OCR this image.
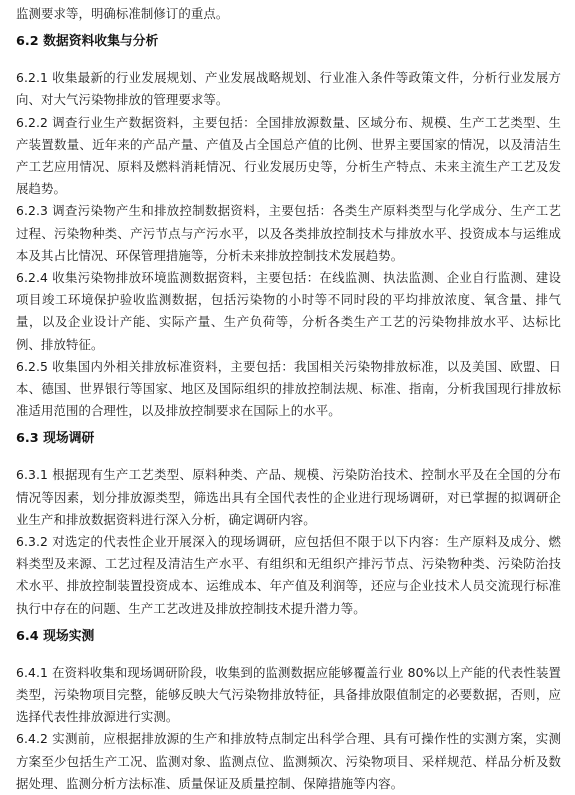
监测要求等，明确标准制修订的重点。

6.2 数据资料收集与分析

6.2.1 收集最新的行业发展规划、产业发展战略规划、行业准入条件等政策文件，分析行业发展方向、对大气污染物排放的管理要求等。

6.2.2 调查行业生产数据资料，主要包括：全国排放源数量、区域分布、规模、生产工艺类型、生产装置数量、近年来的产品产量、产值及占全国总产值的比例、世界主要国家的情况，以及清洁生产工艺应用情况、原料及燃料消耗情况、行业发展历史等，分析生产特点、未来主流生产工艺及发展趋势。

6.2.3 调查污染物产生和排放控制数据资料，主要包括：各类生产原料类型与化学成分、生产工艺过程、污染物种类、产污节点与产污水平，以及各类排放控制技术与排放水平、投资成本与运维成本及其占比情况、环保管理措施等，分析未来排放控制技术发展趋势。

6.2.4 收集污染物排放环境监测数据资料，主要包括：在线监测、执法监测、企业自行监测、建设项目竣工环境保护验收监测数据，包括污染物的小时等不同时段的平均排放浓度、氧含量、排气量，以及企业设计产能、实际产量、生产负荷等，分析各类生产工艺的污染物排放水平、达标比例、排放特征。

6.2.5 收集国内外相关排放标准资料，主要包括：我国相关污染物排放标准，以及美国、欧盟、日本、德国、世界银行等国家、地区及国际组织的排放控制法规、标准、指南，分析我国现行排放标准适用范围的合理性，以及排放控制要求在国际上的水平。

6.3 现场调研

6.3.1 根据现有生产工艺类型、原料种类、产品、规模、污染防治技术、控制水平及在全国的分布情况等因素，划分排放源类型，筛选出具有全国代表性的企业进行现场调研，对已掌握的拟调研企业生产和排放数据资料进行深入分析，确定调研内容。

6.3.2 对选定的代表性企业开展深入的现场调研，应包括但不限于以下内容：生产原料及成分、燃料类型及来源、工艺过程及清洁生产水平、有组织和无组织产排污节点、污染物种类、污染防治技术水平、排放控制装置投资成本、运维成本、年产值及利润等，还应与企业技术人员交流现行标准执行中存在的问题、生产工艺改进及排放控制技术提升潜力等。

6.4 现场实测

6.4.1 在资料收集和现场调研阶段，收集到的监测数据应能够覆盖行业 80%以上产能的代表性装置类型，污染物项目完整，能够反映大气污染物排放特征，具备排放限值制定的必要数据，否则，应选择代表性排放源进行实测。

6.4.2 实测前，应根据排放源的生产和排放特点制定出科学合理、具有可操作性的实测方案，实测方案至少包括生产工况、监测对象、监测点位、监测频次、污染物项目、采样规范、样品分析及数据处理、监测分析方法标准、质量保证及质量控制、保障措施等内容。
